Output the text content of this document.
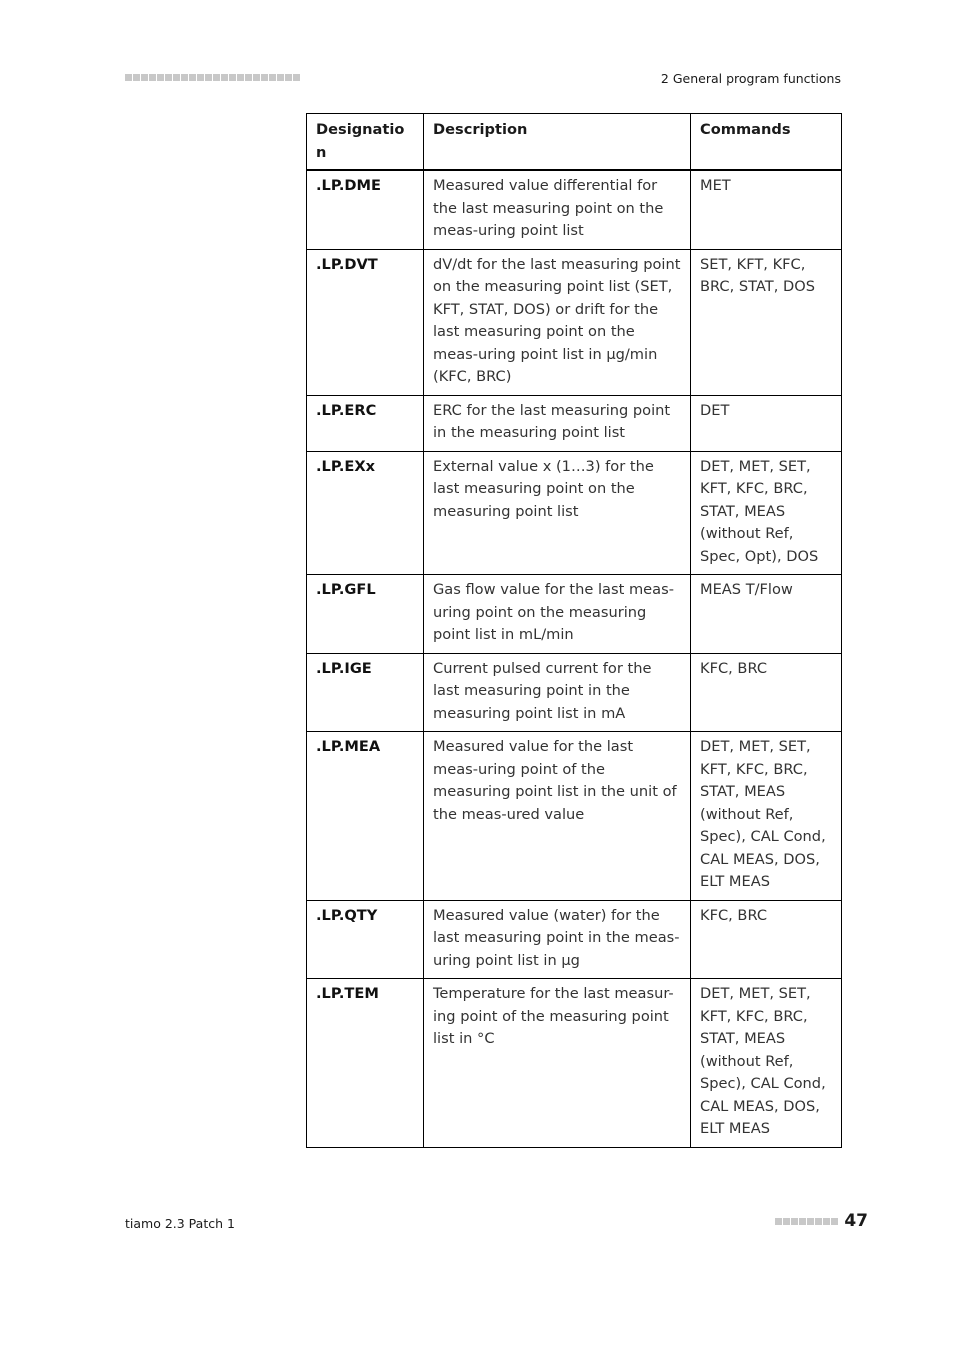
2 General program functions
Designation	Description	Commands
.LP.DME	Measured value differential for the last measuring point on the meas-uring point list	MET
.LP.DVT	dV/dt for the last measuring point on the measuring point list (SET, KFT, STAT, DOS) or drift for the last measuring point on the meas-uring point list in µg/min (KFC, BRC)	SET, KFT, KFC, BRC, STAT, DOS
.LP.ERC	ERC for the last measuring point in the measuring point list	DET
.LP.EXx	External value x (1…3) for the last measuring point on the measuring point list	DET, MET, SET, KFT, KFC, BRC, STAT, MEAS (without Ref, Spec, Opt), DOS
.LP.GFL	Gas flow value for the last meas-uring point on the measuring point list in mL/min	MEAS T/Flow
.LP.IGE	Current pulsed current for the last measuring point in the measuring point list in mA	KFC, BRC
.LP.MEA	Measured value for the last meas-uring point of the measuring point list in the unit of the meas-ured value	DET, MET, SET, KFT, KFC, BRC, STAT, MEAS (without Ref, Spec), CAL Cond, CAL MEAS, DOS, ELT MEAS
.LP.QTY	Measured value (water) for the last measuring point in the meas-uring point list in µg	KFC, BRC
.LP.TEM	Temperature for the last measur-ing point of the measuring point list in °C	DET, MET, SET, KFT, KFC, BRC, STAT, MEAS (without Ref, Spec), CAL Cond, CAL MEAS, DOS, ELT MEAS
tiamo 2.3 Patch 1	47
